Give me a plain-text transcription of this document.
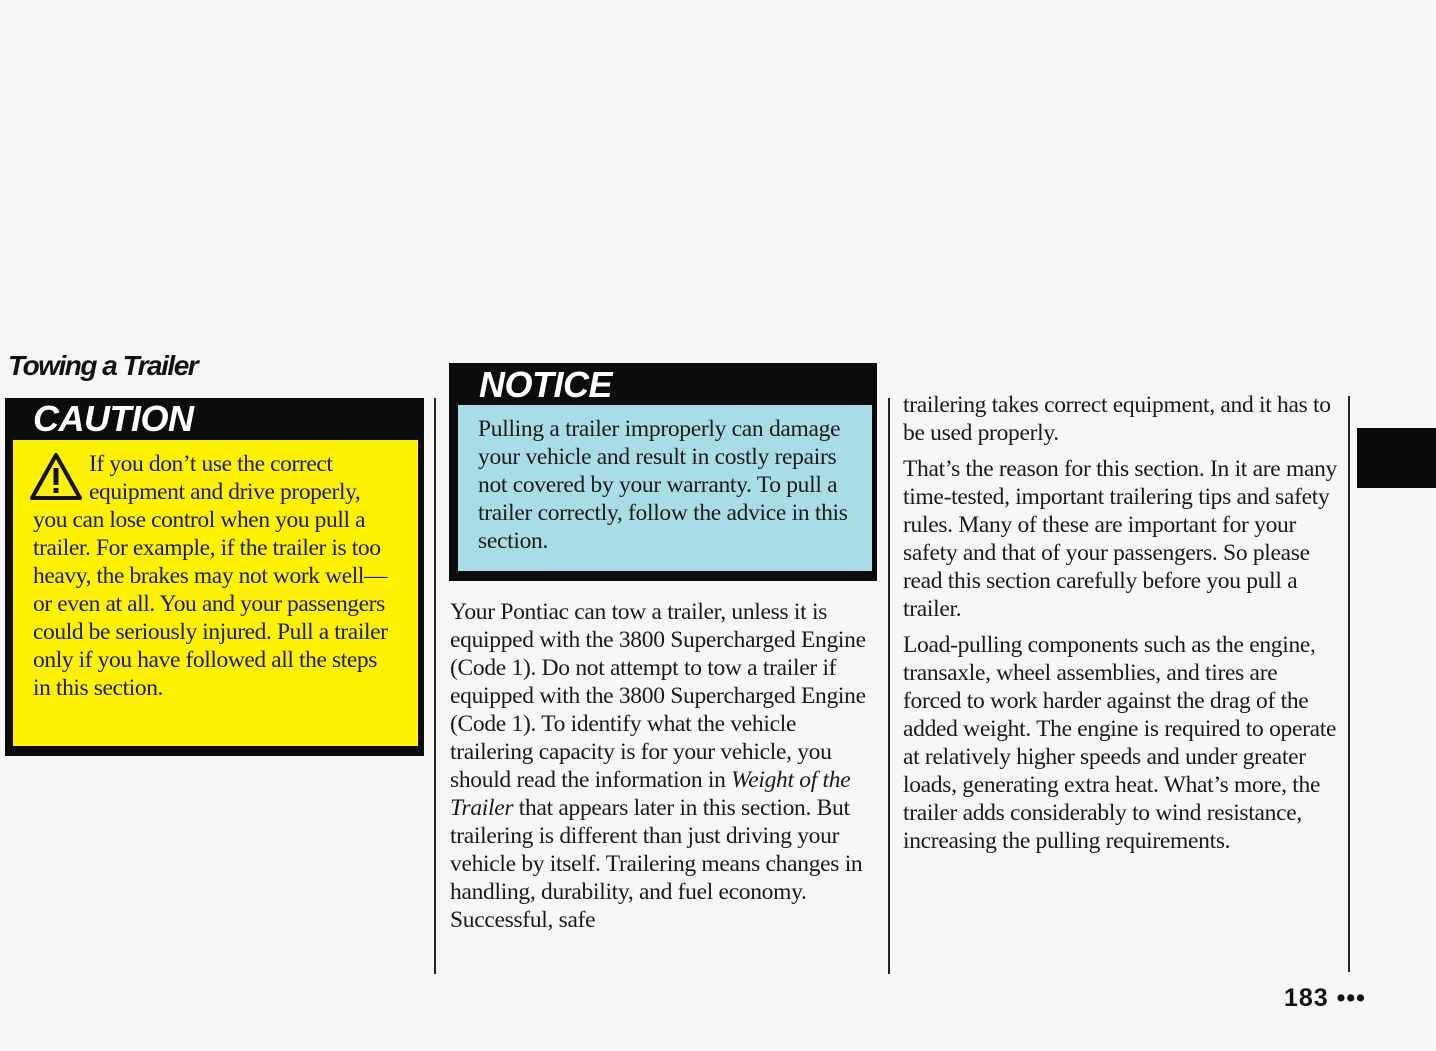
Towing a Trailer
CAUTION
If you don’t use the correct equipment and drive properly, you can lose control when you pull a trailer. For example, if the trailer is too heavy, the brakes may not work well—or even at all. You and your passengers could be seriously injured. Pull a trailer only if you have followed all the steps in this section.
NOTICE
Pulling a trailer improperly can damage your vehicle and result in costly repairs not covered by your warranty. To pull a trailer correctly, follow the advice in this section.
Your Pontiac can tow a trailer, unless it is equipped with the 3800 Supercharged Engine (Code 1). Do not attempt to tow a trailer if equipped with the 3800 Supercharged Engine (Code 1). To identify what the vehicle trailering capacity is for your vehicle, you should read the information in Weight of the Trailer that appears later in this section. But trailering is different than just driving your vehicle by itself. Trailering means changes in handling, durability, and fuel economy. Successful, safe

trailering takes correct equipment, and it has to be used properly.

That’s the reason for this section. In it are many time-tested, important trailering tips and safety rules. Many of these are important for your safety and that of your passengers. So please read this section carefully before you pull a trailer.

Load-pulling components such as the engine, transaxle, wheel assemblies, and tires are forced to work harder against the drag of the added weight. The engine is required to operate at relatively higher speeds and under greater loads, generating extra heat. What’s more, the trailer adds considerably to wind resistance, increasing the pulling requirements.

183 •••
